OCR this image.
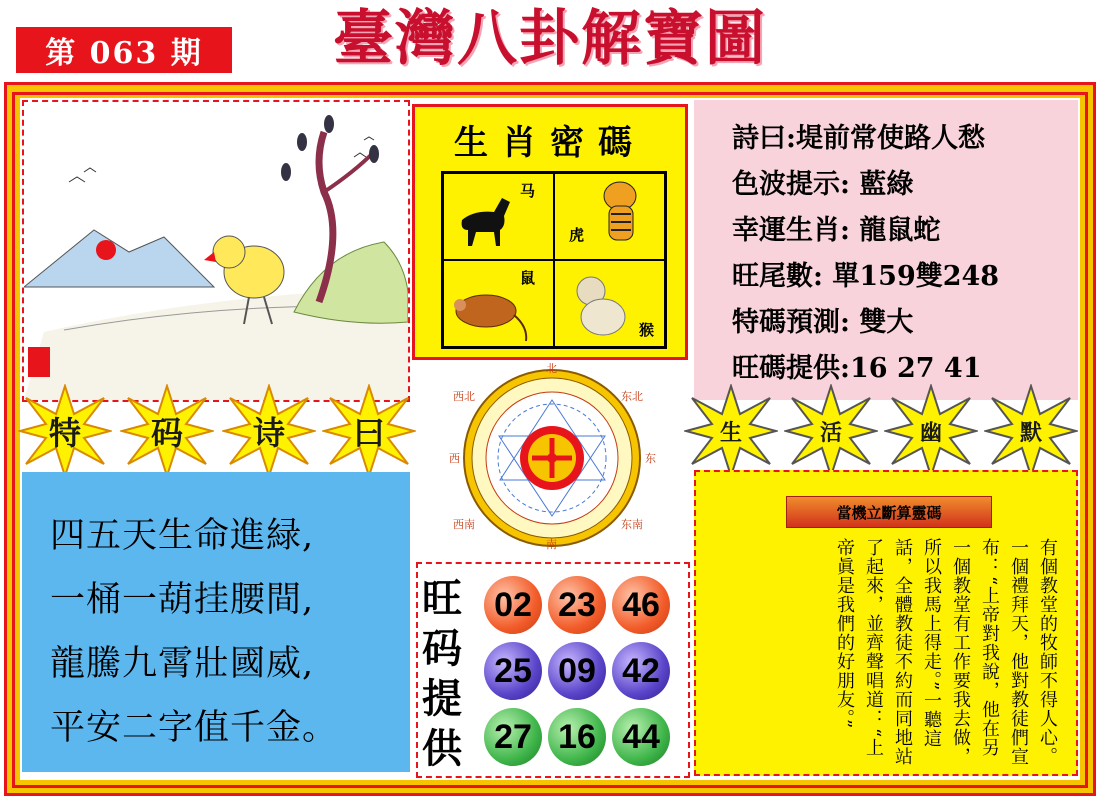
第 063 期	臺灣八卦解寶圖
生肖密碼
马
虎
鼠
猴
詩曰:堤前常使路人愁
色波提示: 藍綠
幸運生肖: 龍鼠蛇
旺尾數: 單159雙248
特碼預測: 雙大
旺碼提供:16 27 41
特	码	诗	曰	生	活	幽	默
四五天生命進緑,
一桶一葫挂腰間,
龍騰九霄壯國威,
平安二字值千金。
西北	东北
西南	东南
西	东
北
南
旺
码
提
供
02 23 46
25 09 42
27 16 44
當機立斷算靈碼
有個教堂的牧師不得人心。一個禮拜天，他對教徒們宣布：“上帝對我說，他在另一個教堂有工作要我去做，所以我馬上得走。”一聽這話，全體教徒不約而同地站了起來，並齊聲唱道：“上帝眞是我們的好朋友。”
